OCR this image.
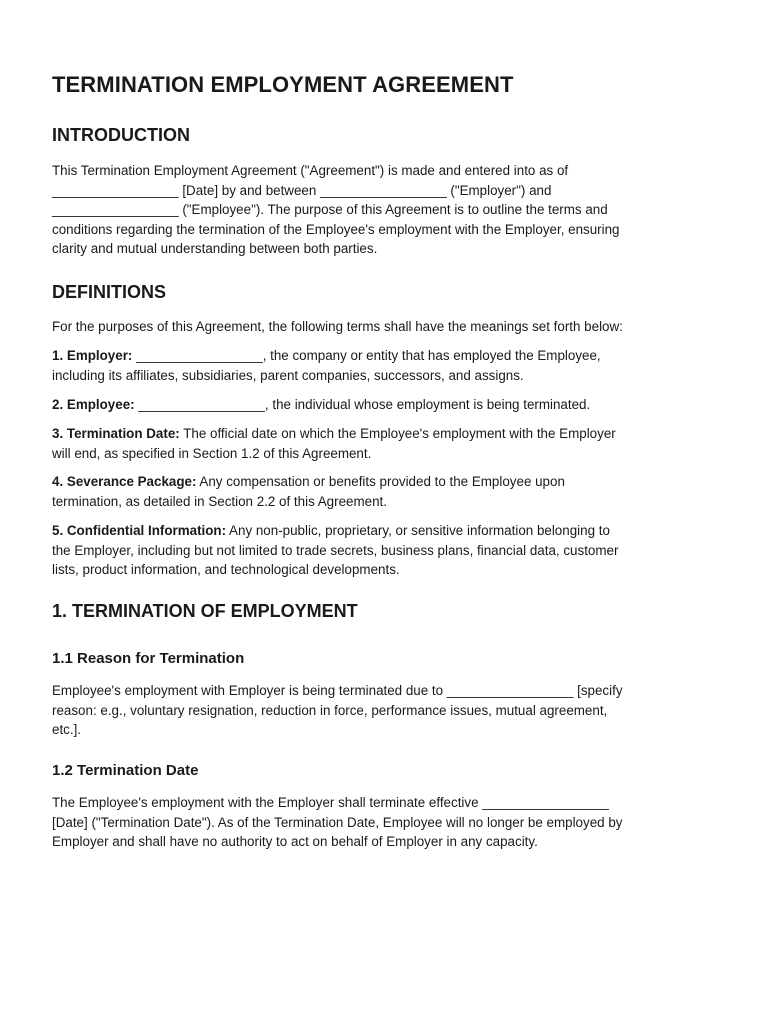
TERMINATION EMPLOYMENT AGREEMENT
INTRODUCTION

This Termination Employment Agreement ("Agreement") is made and entered into as of
_________________ [Date] by and between _________________ ("Employer") and
_________________ ("Employee"). The purpose of this Agreement is to outline the terms and
conditions regarding the termination of the Employee's employment with the Employer, ensuring
clarity and mutual understanding between both parties.

DEFINITIONS

For the purposes of this Agreement, the following terms shall have the meanings set forth below:

1. Employer: _________________, the company or entity that has employed the Employee,
including its affiliates, subsidiaries, parent companies, successors, and assigns.

2. Employee: _________________, the individual whose employment is being terminated.

3. Termination Date: The official date on which the Employee's employment with the Employer
will end, as specified in Section 1.2 of this Agreement.

4. Severance Package: Any compensation or benefits provided to the Employee upon
termination, as detailed in Section 2.2 of this Agreement.

5. Confidential Information: Any non-public, proprietary, or sensitive information belonging to
the Employer, including but not limited to trade secrets, business plans, financial data, customer
lists, product information, and technological developments.

1. TERMINATION OF EMPLOYMENT
1.1 Reason for Termination

Employee's employment with Employer is being terminated due to _________________ [specify
reason: e.g., voluntary resignation, reduction in force, performance issues, mutual agreement,
etc.].

1.2 Termination Date

The Employee's employment with the Employer shall terminate effective _________________
[Date] ("Termination Date"). As of the Termination Date, Employee will no longer be employed by
Employer and shall have no authority to act on behalf of Employer in any capacity.
